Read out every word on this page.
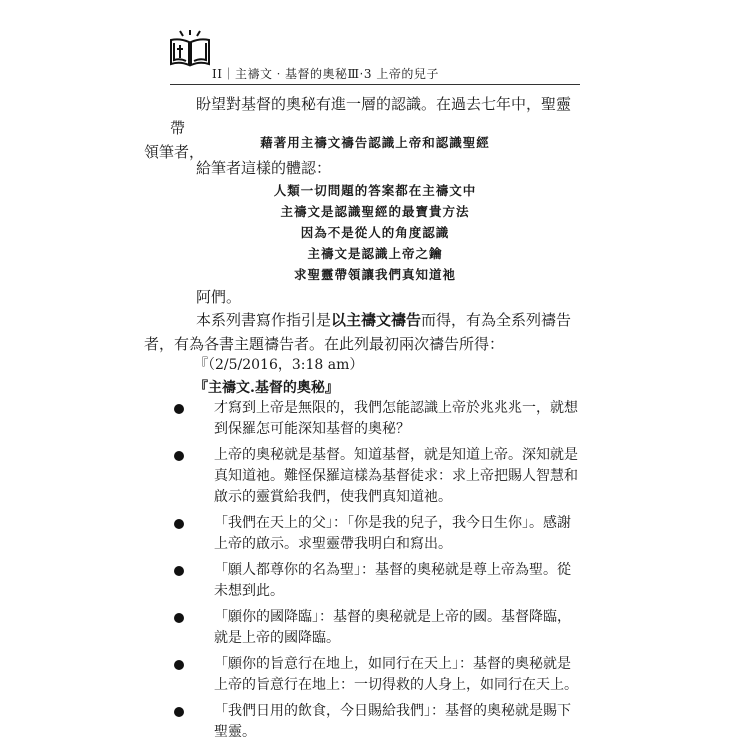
II｜主禱文‧基督的奧秘Ⅲ‧3 上帝的兒子
盼望對基督的奧秘有進一層的認識。在過去七年中，聖靈帶
領筆者，
藉著用主禱文禱告認識上帝和認識聖經
給筆者這樣的體認：
人類一切問題的答案都在主禱文中
主禱文是認識聖經的最寶貴方法
因為不是從人的角度認識
主禱文是認識上帝之鑰
求聖靈帶領讓我們真知道祂
阿們。
本系列書寫作指引是以主禱文禱告而得，有為全系列禱告
者，有為各書主題禱告者。在此列最初兩次禱告所得：
『（2/5/2016，3:18 am）
『主禱文.基督的奧秘』
才寫到上帝是無限的，我們怎能認識上帝於兆兆兆一，就想到保羅怎可能深知基督的奧秘？
上帝的奧秘就是基督。知道基督，就是知道上帝。深知就是真知道祂。難怪保羅這樣為基督徒求：求上帝把賜人智慧和啟示的靈賞給我們，使我們真知道祂。
「我們在天上的父」：「你是我的兒子，我今日生你」。感謝上帝的啟示。求聖靈帶我明白和寫出。
「願人都尊你的名為聖」：基督的奧秘就是尊上帝為聖。從未想到此。
「願你的國降臨」：基督的奧秘就是上帝的國。基督降臨，就是上帝的國降臨。
「願你的旨意行在地上，如同行在天上」：基督的奧秘就是上帝的旨意行在地上：一切得救的人身上，如同行在天上。
「我們日用的飲食，今日賜給我們」：基督的奧秘就是賜下聖靈。
